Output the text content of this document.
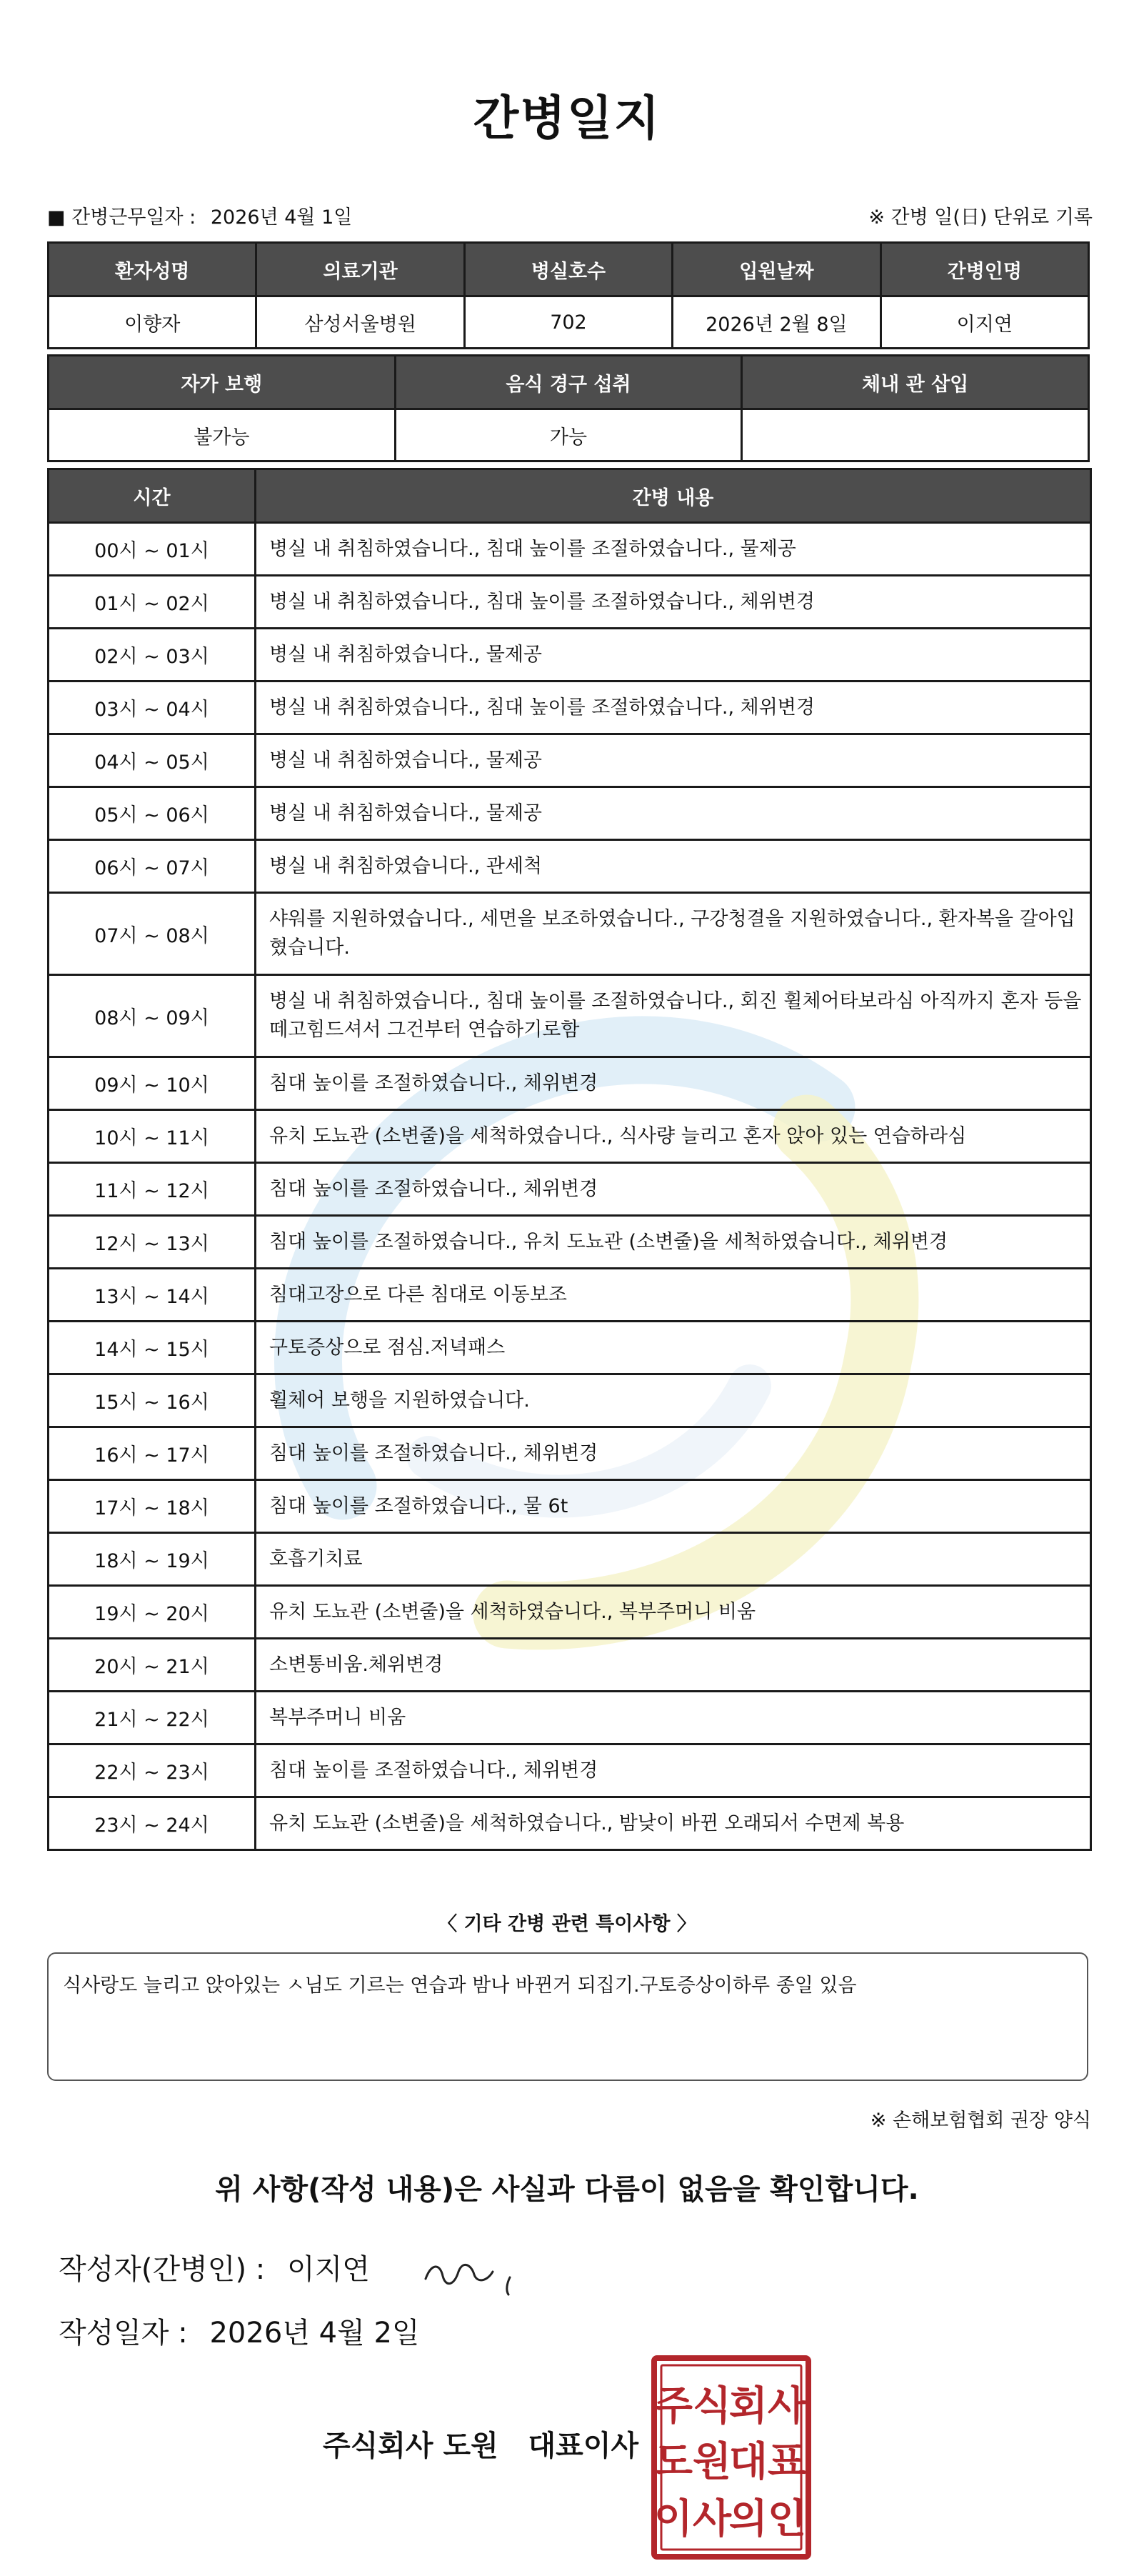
간병일지
■ 간병근무일자 : 2026년 4월 1일	※ 간병 일(日) 단위로 기록
환자성명	의료기관	병실호수	입원날짜	간병인명
이향자	삼성서울병원	702	2026년 2월 8일	이지연
자가 보행	음식 경구 섭취	체내 관 삽입
불가능	가능	
시간	간병 내용
00시 ~ 01시	병실 내 취침하였습니다., 침대 높이를 조절하였습니다., 물제공
01시 ~ 02시	병실 내 취침하였습니다., 침대 높이를 조절하였습니다., 체위변경
02시 ~ 03시	병실 내 취침하였습니다., 물제공
03시 ~ 04시	병실 내 취침하였습니다., 침대 높이를 조절하였습니다., 체위변경
04시 ~ 05시	병실 내 취침하였습니다., 물제공
05시 ~ 06시	병실 내 취침하였습니다., 물제공
06시 ~ 07시	병실 내 취침하였습니다., 관세척
07시 ~ 08시	샤워를 지원하였습니다., 세면을 보조하였습니다., 구강청결을 지원하였습니다., 환자복을 갈아입혔습니다.
08시 ~ 09시	병실 내 취침하였습니다., 침대 높이를 조절하였습니다., 회진 휠체어타보라심 아직까지 혼자 등을떼고힘드셔서 그건부터 연습하기로함
09시 ~ 10시	침대 높이를 조절하였습니다., 체위변경
10시 ~ 11시	유치 도뇨관 (소변줄)을 세척하였습니다., 식사량 늘리고 혼자 앉아 있는 연습하라심
11시 ~ 12시	침대 높이를 조절하였습니다., 체위변경
12시 ~ 13시	침대 높이를 조절하였습니다., 유치 도뇨관 (소변줄)을 세척하였습니다., 체위변경
13시 ~ 14시	침대고장으로 다른 침대로 이동보조
14시 ~ 15시	구토증상으로 점심.저녁패스
15시 ~ 16시	휠체어 보행을 지원하였습니다.
16시 ~ 17시	침대 높이를 조절하였습니다., 체위변경
17시 ~ 18시	침대 높이를 조절하였습니다., 물 6t
18시 ~ 19시	호흡기치료
19시 ~ 20시	유치 도뇨관 (소변줄)을 세척하였습니다., 복부주머니 비움
20시 ~ 21시	소변통비움.체위변경
21시 ~ 22시	복부주머니 비움
22시 ~ 23시	침대 높이를 조절하였습니다., 체위변경
23시 ~ 24시	유치 도뇨관 (소변줄)을 세척하였습니다., 밤낮이 바뀐 오래되서 수면제 복용
〈 기타 간병 관련 특이사항 〉
식사랑도 늘리고 앉아있는 ㅅ님도 기르는 연습과 밤나 바뀐거 되집기.구토증상이하루 종일 있음
※ 손해보험협회 권장 양식
위 사항(작성 내용)은 사실과 다름이 없음을 확인합니다.
작성자(간병인) : 이지연
작성일자 : 2026년 4월 2일
주식회사 도원   대표이사
주식
회사
도원
대표
이사
의인
